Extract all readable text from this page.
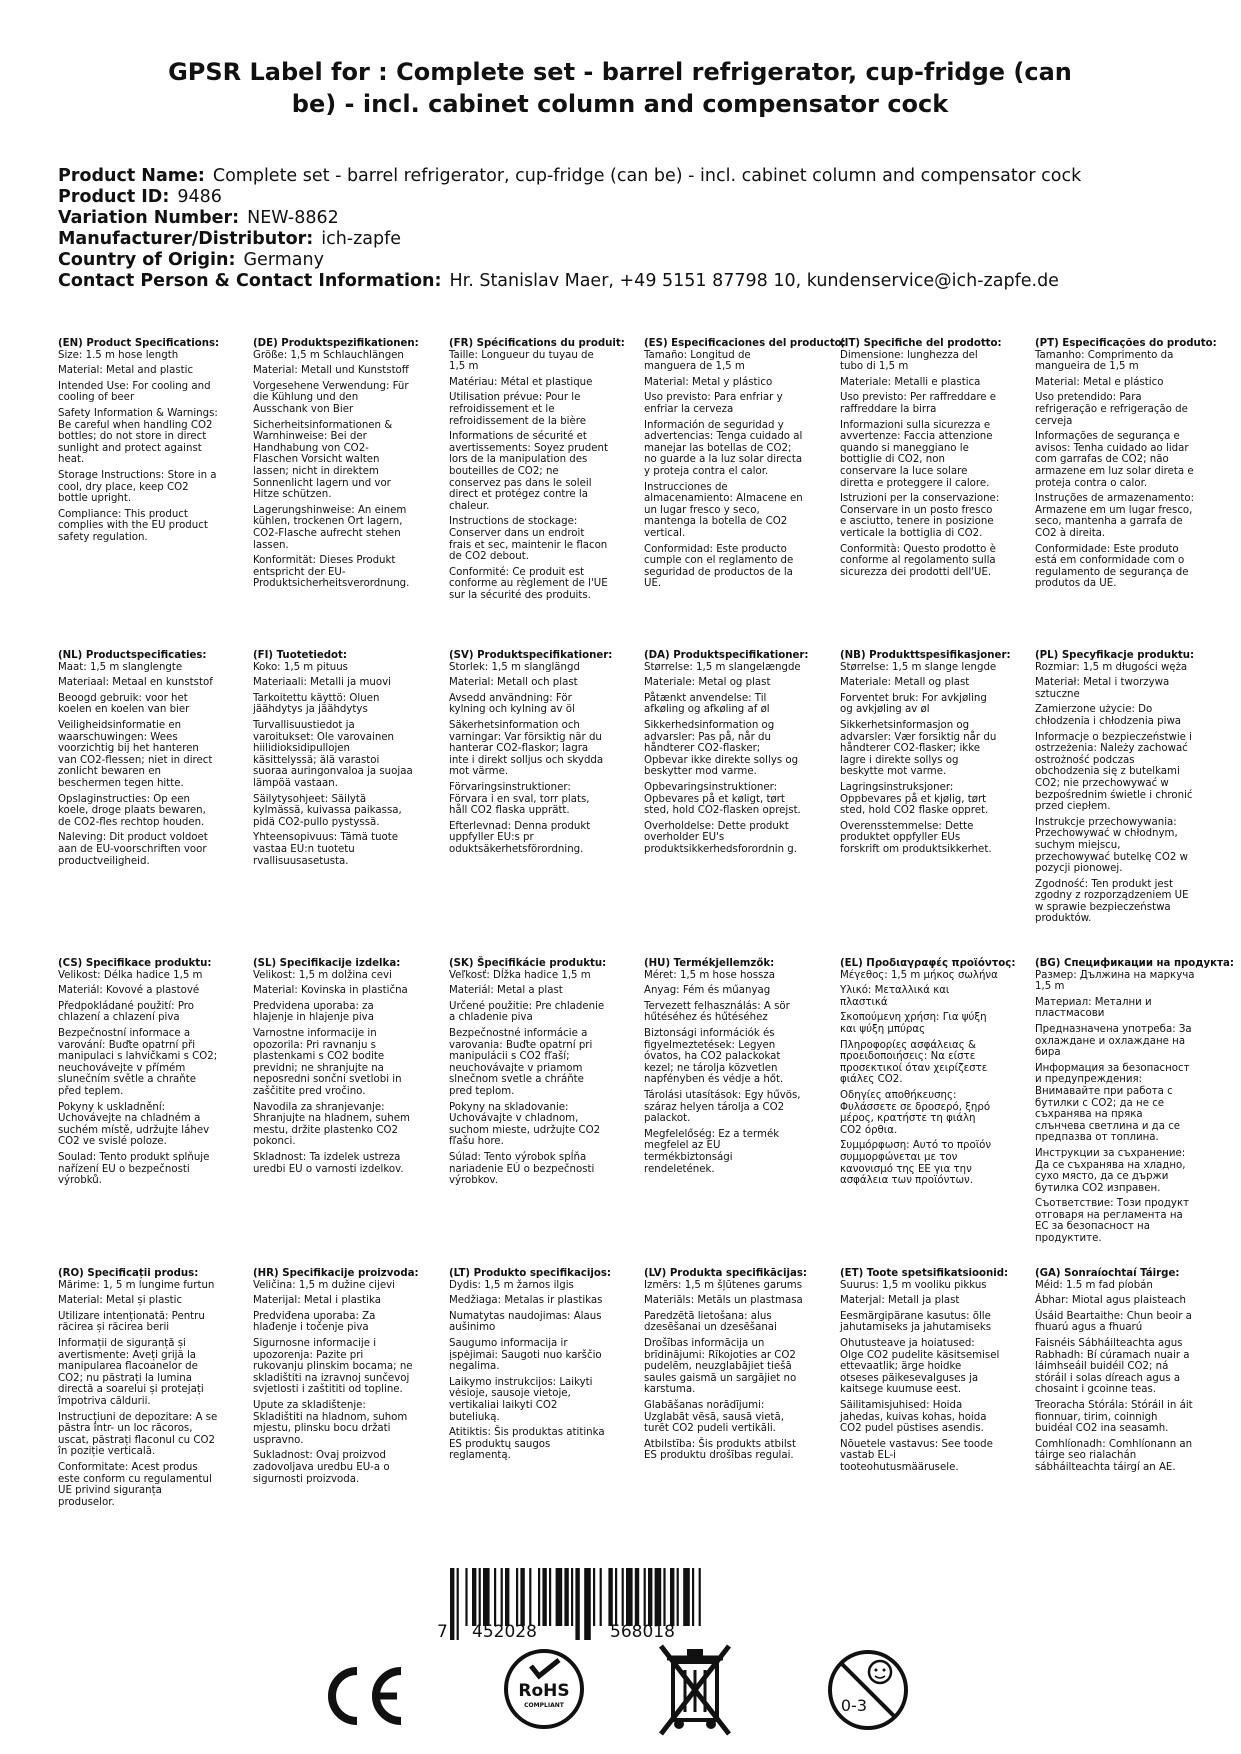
GPSR Label for : Complete set - barrel refrigerator, cup-fridge (can be) - incl. cabinet column and compensator cock
Product Name: Complete set - barrel refrigerator, cup-fridge (can be) - incl. cabinet column and compensator cock
Product ID: 9486
Variation Number: NEW-8862
Manufacturer/Distributor: ich-zapfe
Country of Origin: Germany
Contact Person & Contact Information: Hr. Stanislav Maer, +49 5151 87798 10, kundenservice@ich-zapfe.de
(EN) Product Specifications:
Size: 1.5 m hose length
Material: Metal and plastic
Intended Use: For cooling and cooling of beer
Safety Information & Warnings: Be careful when handling CO2 bottles; do not store in direct sunlight and protect against heat.
Storage Instructions: Store in a cool, dry place, keep CO2 bottle upright.
Compliance: This product complies with the EU product safety regulation.
(DE) Produktspezifikationen:
Größe: 1,5 m Schlauchlängen
Material: Metall und Kunststoff
Vorgesehene Verwendung: Für die Kühlung und den Ausschank von Bier
Sicherheitsinformationen & Warnhinweise: Bei der Handhabung von CO2-Flaschen Vorsicht walten lassen; nicht in direktem Sonnenlicht lagern und vor Hitze schützen.
Lagerungshinweise: An einem kühlen, trockenen Ort lagern, CO2-Flasche aufrecht stehen lassen.
Konformität: Dieses Produkt entspricht der EU-Produktsicherheitsverordnung.
(FR) Spécifications du produit:
Taille: Longueur du tuyau de 1,5 m
Matériau: Métal et plastique
Utilisation prévue: Pour le refroidissement et le refroidissement de la bière
Informations de sécurité et avertissements: Soyez prudent lors de la manipulation des bouteilles de CO2; ne conservez pas dans le soleil direct et protégez contre la chaleur.
Instructions de stockage: Conserver dans un endroit frais et sec, maintenir le flacon de CO2 debout.
Conformité: Ce produit est conforme au règlement de l'UE sur la sécurité des produits.
(ES) Especificaciones del producto:
Tamaño: Longitud de manguera de 1,5 m
Material: Metal y plástico
Uso previsto: Para enfriar y enfriar la cerveza
Información de seguridad y advertencias: Tenga cuidado al manejar las botellas de CO2; no guarde a la luz solar directa y proteja contra el calor.
Instrucciones de almacenamiento: Almacene en un lugar fresco y seco, mantenga la botella de CO2 vertical.
Conformidad: Este producto cumple con el reglamento de seguridad de productos de la UE.
(IT) Specifiche del prodotto:
Dimensione: lunghezza del tubo di 1,5 m
Materiale: Metalli e plastica
Uso previsto: Per raffreddare e raffreddare la birra
Informazioni sulla sicurezza e avvertenze: Faccia attenzione quando si maneggiano le bottiglie di CO2, non conservare la luce solare diretta e proteggere il calore.
Istruzioni per la conservazione: Conservare in un posto fresco e asciutto, tenere in posizione verticale la bottiglia di CO2.
Conformità: Questo prodotto è conforme al regolamento sulla sicurezza dei prodotti dell'UE.
(PT) Especificações do produto:
Tamanho: Comprimento da mangueira de 1,5 m
Material: Metal e plástico
Uso pretendido: Para refrigeração e refrigeração de cerveja
Informações de segurança e avisos: Tenha cuidado ao lidar com garrafas de CO2; não armazene em luz solar direta e proteja contra o calor.
Instruções de armazenamento: Armazene em um lugar fresco, seco, mantenha a garrafa de CO2 à direita.
Conformidade: Este produto está em conformidade com o regulamento de segurança de produtos da UE.
(NL) Productspecificaties:
Maat: 1,5 m slanglengte
Materiaal: Metaal en kunststof
Beoogd gebruik: voor het koelen en koelen van bier
Veiligheidsinformatie en waarschuwingen: Wees voorzichtig bij het hanteren van CO2-flessen; niet in direct zonlicht bewaren en beschermen tegen hitte.
Opslaginstructies: Op een koele, droge plaats bewaren, de CO2-fles rechtop houden.
Naleving: Dit product voldoet aan de EU-voorschriften voor productveiligheid.
(FI) Tuotetiedot:
Koko: 1,5 m pituus
Materiaali: Metalli ja muovi
Tarkoitettu käyttö: Oluen jäähdytys ja jäähdytys
Turvallisuustiedot ja varoitukset: Ole varovainen hiilidioksidipullojen käsittelyssä; älä varastoi suoraa auringonvaloa ja suojaa lämpöä vastaan.
Säilytysohjeet: Säilytä kylmässä, kuivassa paikassa, pidä CO2-pullo pystyssä.
Yhteensopivuus: Tämä tuote vastaa EU:n tuotetu rvallisuusasetusta.
(SV) Produktspecifikationer:
Storlek: 1,5 m slanglängd
Material: Metall och plast
Avsedd användning: För kylning och kylning av öl
Säkerhetsinformation och varningar: Var försiktig när du hanterar CO2-flaskor; lagra inte i direkt solljus och skydda mot värme.
Förvaringsinstruktioner: Förvara i en sval, torr plats, håll CO2 flaska upprätt.
Efterlevnad: Denna produkt uppfyller EU:s pr oduktsäkerhetsförordning.
(DA) Produktspecifikationer:
Størrelse: 1,5 m slangelængde
Materiale: Metal og plast
Påtænkt anvendelse: Til afkøling og afkøling af øl
Sikkerhedsinformation og advarsler: Pas på, når du håndterer CO2-flasker; Opbevar ikke direkte sollys og beskytter mod varme.
Opbevaringsinstruktioner: Opbevares på et køligt, tørt sted, hold CO2-flasken oprejst.
Overholdelse: Dette produkt overholder EU's produktsikkerhedsforordnin g.
(NB) Produkttspesifikasjoner:
Størrelse: 1,5 m slange lengde
Materiale: Metall og plast
Forventet bruk: For avkjøling og avkjøling av øl
Sikkerhetsinformasjon og advarsler: Vær forsiktig når du håndterer CO2-flasker; ikke lagre i direkte sollys og beskytte mot varme.
Lagringsinstruksjoner: Oppbevares på et kjølig, tørt sted, hold CO2 flaske oppret.
Overensstemmelse: Dette produktet oppfyller EUs forskrift om produktsikkerhet.
(PL) Specyfikacje produktu:
Rozmiar: 1,5 m długości węża
Materiał: Metal i tworzywa sztuczne
Zamierzone użycie: Do chłodzenia i chłodzenia piwa
Informacje o bezpieczeństwie i ostrzeżenia: Należy zachować ostrożność podczas obchodzenia się z butelkami CO2; nie przechowywać w bezpośrednim świetle i chronić przed ciepłem.
Instrukcje przechowywania: Przechowywać w chłodnym, suchym miejscu, przechowywać butelkę CO2 w pozycji pionowej.
Zgodność: Ten produkt jest zgodny z rozporządzeniem UE w sprawie bezpieczeństwa produktów.
(CS) Specifikace produktu:
Velikost: Délka hadice 1,5 m
Materiál: Kovové a plastové
Předpokládané použití: Pro chlazení a chlazení piva
Bezpečnostní informace a varování: Buďte opatrní při manipulaci s lahvičkami s CO2; neuchovávejte v přímém slunečním světle a chraňte před teplem.
Pokyny k uskladnění: Uchovávejte na chladném a suchém místě, udržujte láhev CO2 ve svislé poloze.
Soulad: Tento produkt splňuje nařízení EU o bezpečnosti výrobků.
(SL) Specifikacije izdelka:
Velikost: 1,5 m dolžina cevi
Material: Kovinska in plastična
Predvidena uporaba: za hlajenje in hlajenje piva
Varnostne informacije in opozorila: Pri ravnanju s plastenkami s CO2 bodite previdni; ne shranjujte na neposredni sončni svetlobi in zaščitite pred vročino.
Navodila za shranjevanje: Shranjujte na hladnem, suhem mestu, držite plastenko CO2 pokonci.
Skladnost: Ta izdelek ustreza uredbi EU o varnosti izdelkov.
(SK) Špecifikácie produktu:
Veľkosť: Dĺžka hadice 1,5 m
Materiál: Metal a plast
Určené použitie: Pre chladenie a chladenie piva
Bezpečnostné informácie a varovania: Buďte opatrní pri manipulácii s CO2 fľaší; neuchovávajte v priamom slnečnom svetle a chráňte pred teplom.
Pokyny na skladovanie: Uchovávajte v chladnom, suchom mieste, udržujte CO2 fľašu hore.
Súlad: Tento výrobok spĺňa nariadenie EÚ o bezpečnosti výrobkov.
(HU) Termékjellemzők:
Méret: 1,5 m hose hossza
Anyag: Fém és műanyag
Tervezett felhasználás: A sör hűtéséhez és hűtéséhez
Biztonsági információk és figyelmeztetések: Legyen óvatos, ha CO2 palackokat kezel; ne tárolja közvetlen napfényben és védje a hőt.
Tárolási utasítások: Egy hűvös, száraz helyen tárolja a CO2 palackot.
Megfelelőség: Ez a termék megfelel az EU termékbiztonsági rendeletének.
(EL) Προδιαγραφές προϊόντος:
Μέγεθος: 1,5 m μήκος σωλήνα
Υλικό: Μεταλλικά και πλαστικά
Σκοπούμενη χρήση: Για ψύξη και ψύξη μπύρας
Πληροφορίες ασφάλειας & προειδοποιήσεις: Να είστε προσεκτικοί όταν χειρίζεστε φιάλες CO2.
Οδηγίες αποθήκευσης: Φυλάσσετε σε δροσερό, ξηρό μέρος, κρατήστε τη φιάλη CO2 όρθια.
Συμμόρφωση: Αυτό το προϊόν συμμορφώνεται με τον κανονισμό της ΕΕ για την ασφάλεια των προϊόντων.
(BG) Спецификации на продукта:
Размер: Дължина на маркуча 1,5 m
Материал: Метални и пластмасови
Предназначена употреба: За охлаждане и охлаждане на бира
Информация за безопасност и предупреждения: Внимавайте при работа с бутилки с CO2; да не се съхранява на пряка слънчева светлина и да се предпазва от топлина.
Инструкции за съхранение: Да се съхранява на хладно, сухо място, да се държи бутилка CO2 изправен.
Съответствие: Този продукт отговаря на регламента на ЕС за безопасност на продуктите.
(RO) Specificații produs:
Mărime: 1, 5 m lungime furtun
Material: Metal și plastic
Utilizare intenționată: Pentru răcirea și răcirea berii
Informații de siguranță și avertismente: Aveți grijă la manipularea flacoanelor de CO2; nu păstrați la lumina directă a soarelui și protejați împotriva căldurii.
Instrucțiuni de depozitare: A se păstra într- un loc răcoros, uscat, păstrați flaconul cu CO2 în poziție verticală.
Conformitate: Acest produs este conform cu regulamentul UE privind siguranța produselor.
(HR) Specifikacije proizvoda:
Veličina: 1,5 m dužine cijevi
Materijal: Metal i plastika
Predviđena uporaba: Za hlađenje i točenje piva
Sigurnosne informacije i upozorenja: Pazite pri rukovanju plinskim bocama; ne skladištiti na izravnoj sunčevoj svjetlosti i zaštititi od topline.
Upute za skladištenje: Skladištiti na hladnom, suhom mjestu, plinsku bocu držati uspravno.
Sukladnost: Ovaj proizvod zadovoljava uredbu EU-a o sigurnosti proizvoda.
(LT) Produkto specifikacijos:
Dydis: 1,5 m žarnos ilgis
Medžiaga: Metalas ir plastikas
Numatytas naudojimas: Alaus aušinimo
Saugumo informacija ir įspėjimai: Saugoti nuo karščio negalima.
Laikymo instrukcijos: Laikyti vėsioje, sausoje vietoje, vertikaliai laikyti CO2 buteliuką.
Atitiktis: Šis produktas atitinka ES produktų saugos reglamentą.
(LV) Produkta specifikācijas:
Izmērs: 1,5 m šļūtenes garums
Materiāls: Metāls un plastmasa
Paredzētā lietošana: alus dzesēšanai un dzesēšanai
Drošības informācija un brīdinājumi: Rīkojoties ar CO2 pudelēm, neuzglabājiet tiešā saules gaismā un sargājiet no karstuma.
Glabāšanas norādījumi: Uzglabāt vēsā, sausā vietā, turēt CO2 pudeli vertikāli.
Atbilstība: Šis produkts atbilst ES produktu drošības regulai.
(ET) Toote spetsifikatsioonid:
Suurus: 1,5 m vooliku pikkus
Materjal: Metall ja plast
Eesmärgipärane kasutus: õlle jahutamiseks ja jahutamiseks
Ohutusteave ja hoiatused: Olge CO2 pudelite käsitsemisel ettevaatlik; ärge hoidke otseses päikesevalguses ja kaitsege kuumuse eest.
Säilitamisjuhised: Hoida jahedas, kuivas kohas, hoida CO2 pudel püstises asendis.
Nõuetele vastavus: See toode vastab EL-i tooteohutusmäärusele.
(GA) Sonraíochtaí Táirge:
Méid: 1.5 m fad píobán
Ábhar: Miotal agus plaisteach
Úsáid Beartaithe: Chun beoir a fhuarú agus a fhuarú
Faisnéis Sábháilteachta agus Rabhadh: Bí cúramach nuair a láimhseáil buidéil CO2; ná stóráil i solas díreach agus a chosaint i gcoinne teas.
Treoracha Stórála: Stóráil in áit fionnuar, tirim, coinnigh buidéal CO2 ina seasamh.
Comhlíonadh: Comhlíonann an táirge seo rialachán sábháilteachta táirgí an AE.
7 452028	568018
RoHS
COMPLIANT	0-3
